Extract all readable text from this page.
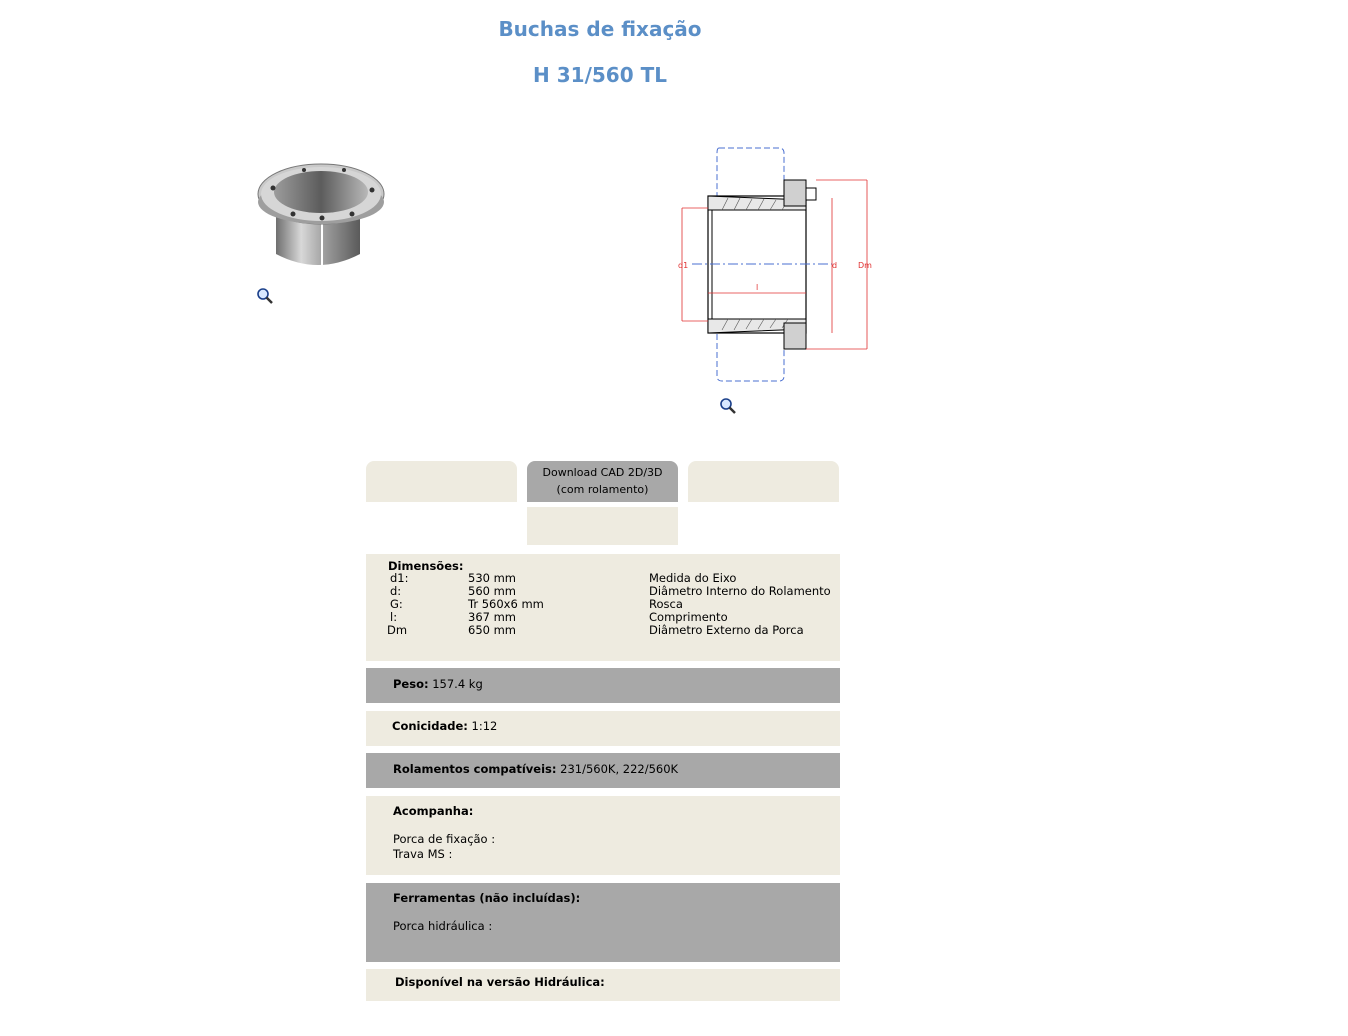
Buchas de fixação
H 31/560 TL
d1	d	Dm
l
Download CAD 2D/3D
(com rolamento)
Dimensões:
d1:	530 mm	Medida do Eixo
d:	560 mm	Diâmetro Interno do Rolamento
G:	Tr 560x6 mm	Rosca
l:	367 mm	Comprimento
Dm	650 mm	Diâmetro Externo da Porca
Peso: 157.4 kg
Conicidade: 1:12
Rolamentos compatíveis: 231/560K, 222/560K
Acompanha:
Porca de fixação :
Trava MS :
Ferramentas (não incluídas):
Porca hidráulica :
Disponível na versão Hidráulica:
